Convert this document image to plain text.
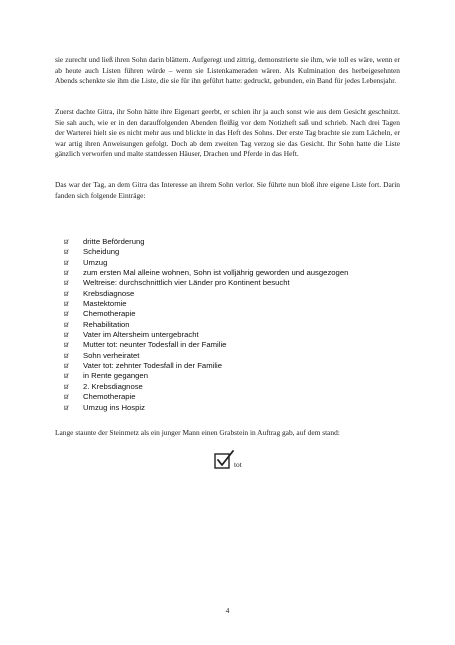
sie zurecht und ließ ihren Sohn darin blättern. Aufgeregt und zittrig, demonstrierte sie ihm, wie toll es wäre, wenn er ab heute auch Listen führen würde – wenn sie Listenkameraden wären. Als Kulmination des herbeigesehnten Abends schenkte sie ihm die Liste, die sie für ihn geführt hatte: gedruckt, gebunden, ein Band für jedes Lebensjahr.

Zuerst dachte Gitra, ihr Sohn hätte ihre Eigenart geerbt, er schien ihr ja auch sonst wie aus dem Gesicht geschnitzt. Sie sah auch, wie er in den darauffolgenden Abenden fleißig vor dem Notizheft saß und schrieb. Nach drei Tagen der Warterei hielt sie es nicht mehr aus und blickte in das Heft des Sohns. Der erste Tag brachte sie zum Lächeln, er war artig ihren Anweisungen gefolgt. Doch ab dem zweiten Tag verzog sie das Gesicht. Ihr Sohn hatte die Liste gänzlich verworfen und malte stattdessen Häuser, Drachen und Pferde in das Heft.

Das war der Tag, an dem Gitra das Interesse an ihrem Sohn verlor. Sie führte nun bloß ihre eigene Liste fort. Darin fanden sich folgende Einträge:

dritte Beförderung
Scheidung
Umzug
zum ersten Mal alleine wohnen, Sohn ist volljährig geworden und ausgezogen
Weltreise: durchschnittlich vier Länder pro Kontinent besucht
Krebsdiagnose
Mastektomie
Chemotherapie
Rehabilitation
Vater im Altersheim untergebracht
Mutter tot: neunter Todesfall in der Familie
Sohn verheiratet
Vater tot: zehnter Todesfall in der Familie
in Rente gegangen
2. Krebsdiagnose
Chemotherapie
Umzug ins Hospiz

Lange staunte der Steinmetz als ein junger Mann einen Grabstein in Auftrag gab, auf dem stand:

tot
4
